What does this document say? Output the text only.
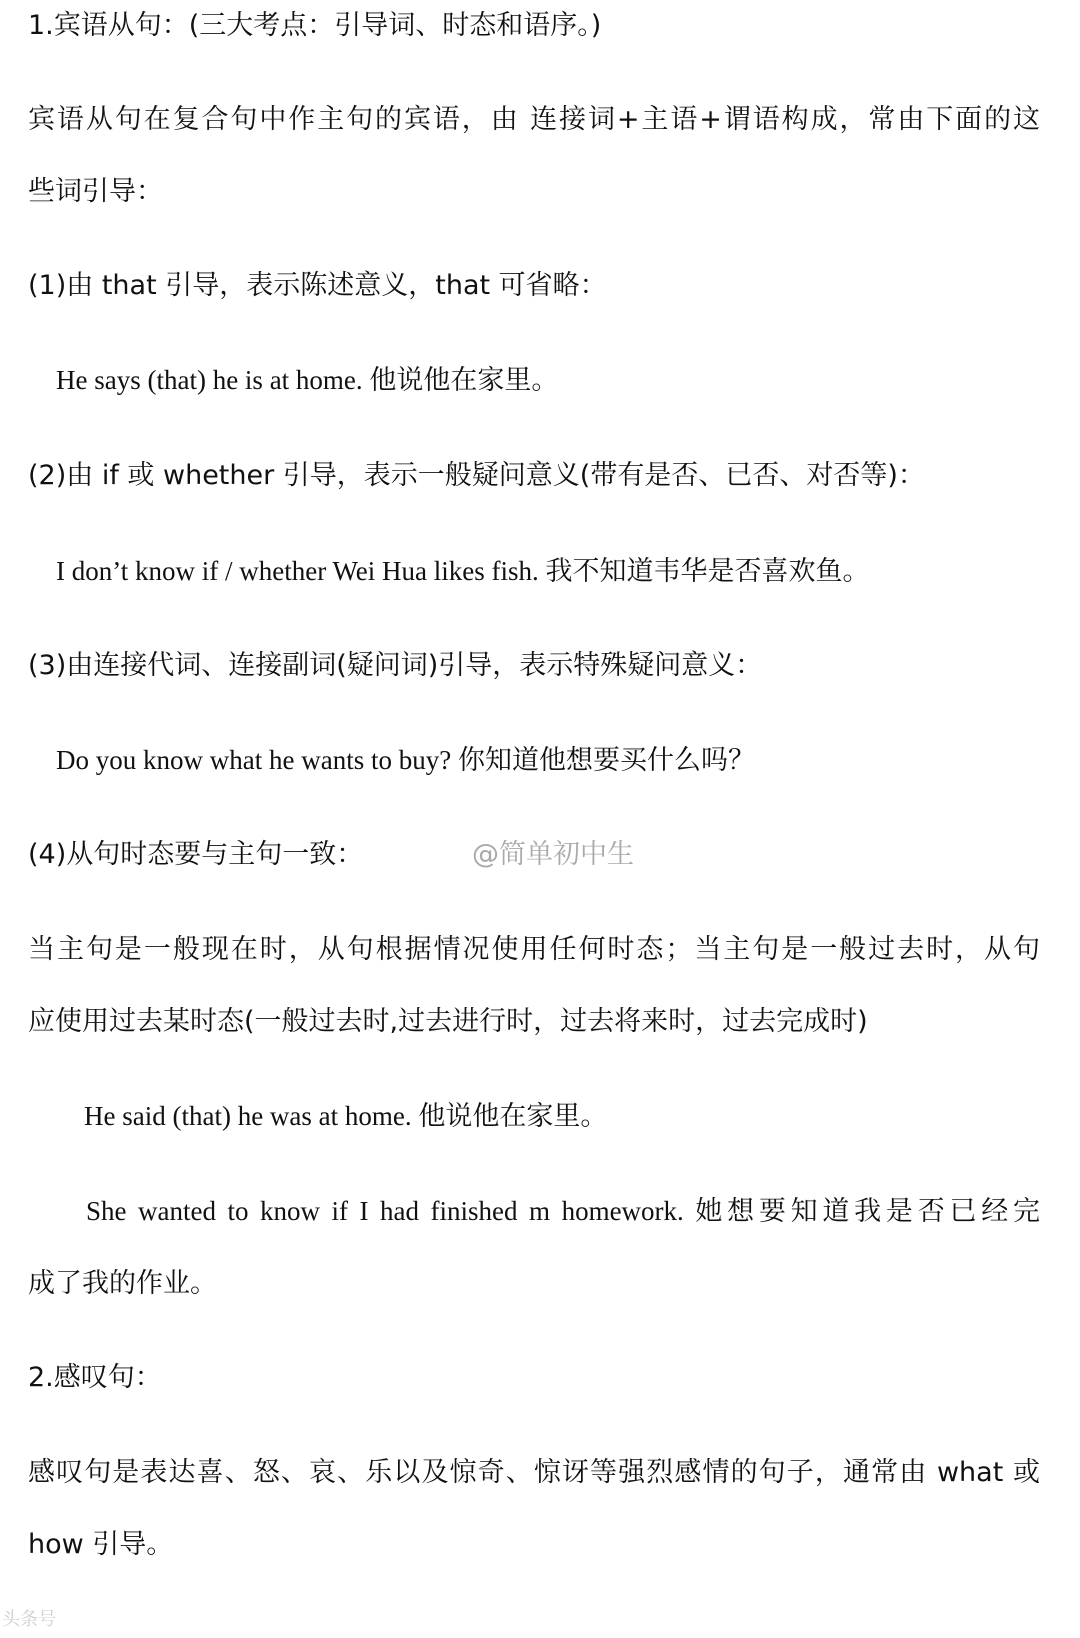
1.宾语从句：(三大考点：引导词、时态和语序。)
宾语从句在复合句中作主句的宾语，由 连接词+主语+谓语构成，常由下面的这
些词引导：
(1)由 that 引导，表示陈述意义，that 可省略：
He says (that) he is at home. 他说他在家里。
(2)由 if 或 whether 引导，表示一般疑问意义(带有是否、已否、对否等)：
I don’t know if / whether Wei Hua likes fish. 我不知道韦华是否喜欢鱼。
(3)由连接代词、连接副词(疑问词)引导，表示特殊疑问意义：
Do you know what he wants to buy? 你知道他想要买什么吗？
(4)从句时态要与主句一致：	@简单初中生
当主句是一般现在时，从句根据情况使用任何时态；当主句是一般过去时，从句
应使用过去某时态(一般过去时,过去进行时，过去将来时，过去完成时)
He said (that) he was at home. 他说他在家里。
She wanted to know if I had finished m homework. 她想要知道我是否已经完
成了我的作业。
2.感叹句：
感叹句是表达喜、怒、哀、乐以及惊奇、惊讶等强烈感情的句子，通常由 what 或
how 引导。
头条号
